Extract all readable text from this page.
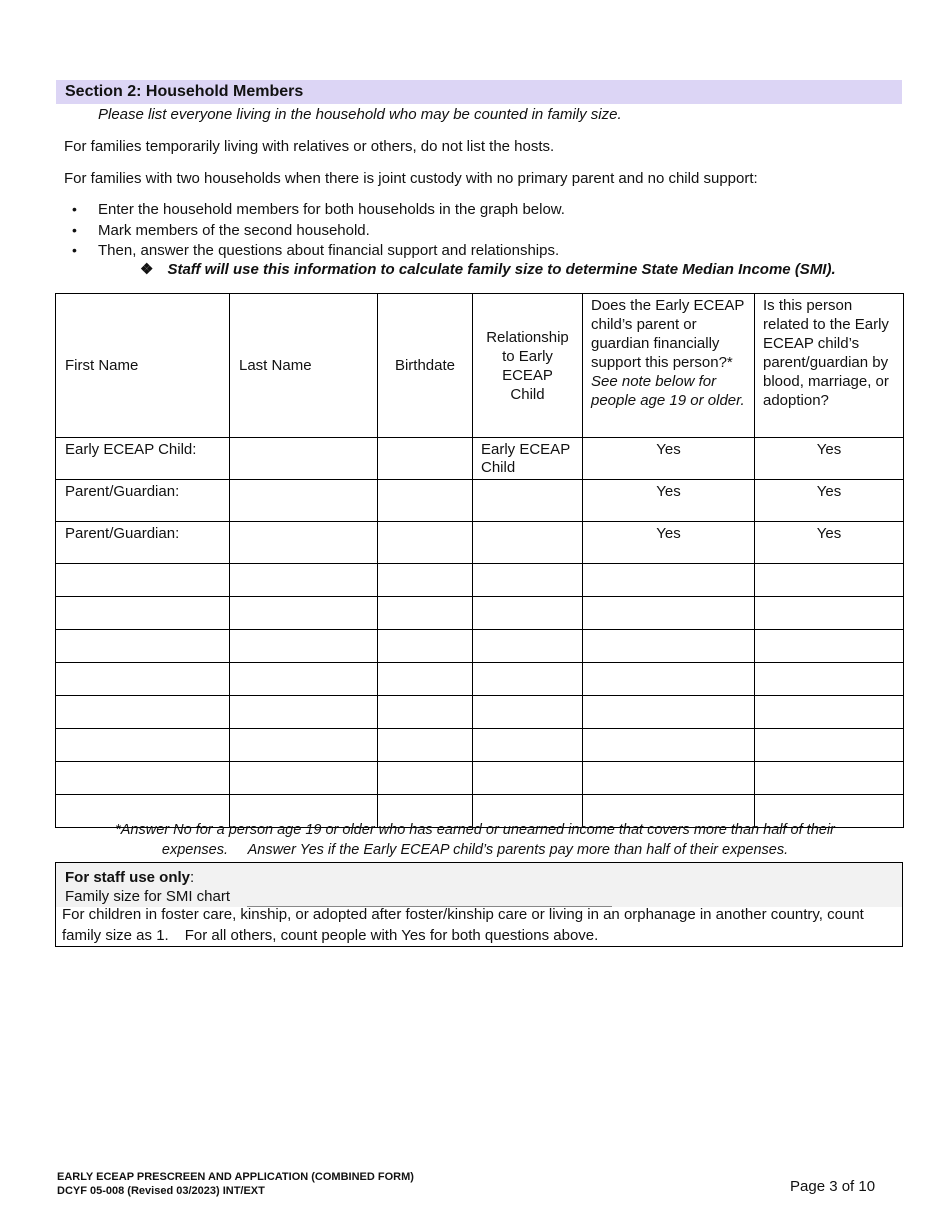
Section 2: Household Members
Please list everyone living in the household who may be counted in family size.
For families temporarily living with relatives or others, do not list the hosts.
For families with two households when there is joint custody with no primary parent and no child support:
• Enter the household members for both households in the graph below.
• Mark members of the second household.
• Then, answer the questions about financial support and relationships.
❖ Staff will use this information to calculate family size to determine State Median Income (SMI).
First Name	Last Name	Birthdate	Relationship
to Early
ECEAP
Child	Does the Early ECEAP child’s parent or guardian financially support this person?* See note below for people age 19 or older.	Is this person related to the Early ECEAP child’s parent/guardian by blood, marriage, or adoption?
Early ECEAP Child:			Early ECEAP Child	Yes	Yes
Parent/Guardian:				Yes	Yes
Parent/Guardian:				Yes	Yes

*Answer No for a person age 19 or older who has earned or unearned income that covers more than half of their
expenses.     Answer Yes if the Early ECEAP child’s parents pay more than half of their expenses.
For staff use only:
Family size for SMI chart
For children in foster care, kinship, or adopted after foster/kinship care or living in an orphanage in another country, count
family size as 1. For all others, count people with Yes for both questions above.
EARLY ECEAP PRESCREEN AND APPLICATION (COMBINED FORM)
DCYF 05-008 (Revised 03/2023) INT/EXT	Page 3 of 10
